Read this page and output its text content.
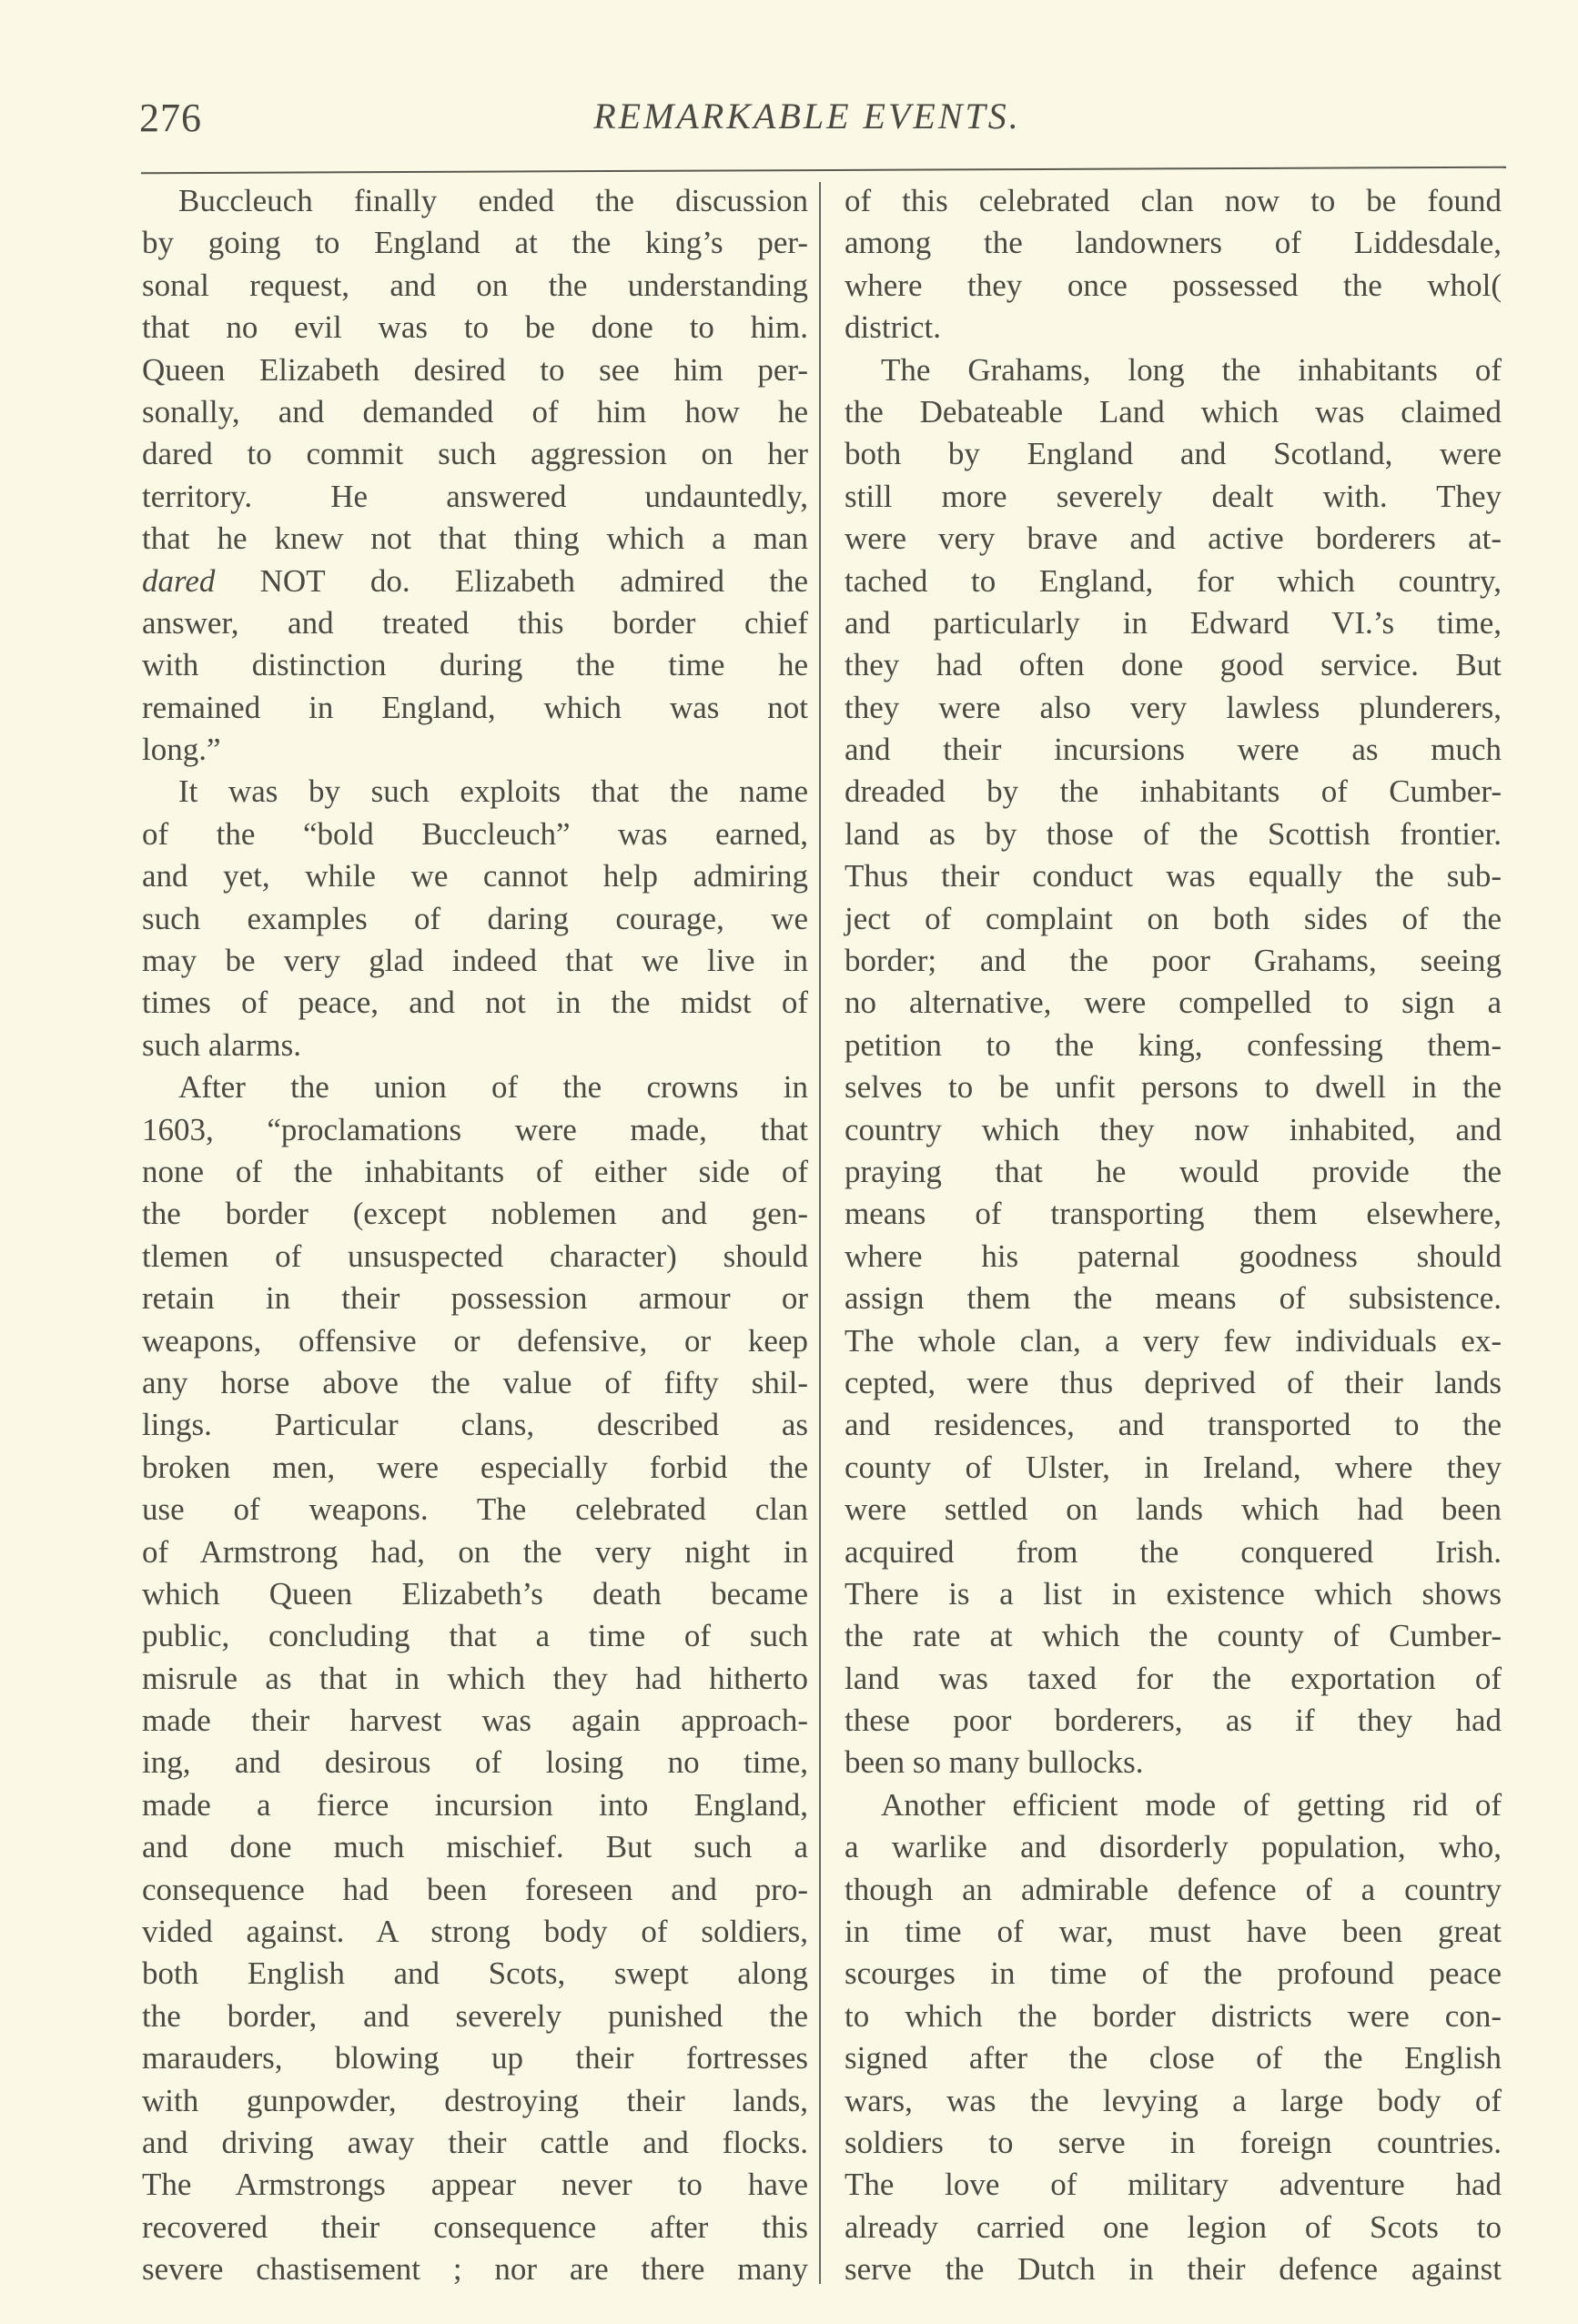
276	REMARKABLE EVENTS.
Buccleuch finally ended the discussion
by going to England at the king’s per-
sonal request, and on the understanding
that no evil was to be done to him.
Queen Elizabeth desired to see him per-
sonally, and demanded of him how he
dared to commit such aggression on her
territory. He answered undauntedly,
that he knew not that thing which a man
dared NOT do. Elizabeth admired the
answer, and treated this border chief
with distinction during the time he
remained in England, which was not
long.”
It was by such exploits that the name
of the “bold Buccleuch” was earned,
and yet, while we cannot help admiring
such examples of daring courage, we
may be very glad indeed that we live in
times of peace, and not in the midst of
such alarms.
After the union of the crowns in
1603, “proclamations were made, that
none of the inhabitants of either side of
the border (except noblemen and gen-
tlemen of unsuspected character) should
retain in their possession armour or
weapons, offensive or defensive, or keep
any horse above the value of fifty shil-
lings. Particular clans, described as
broken men, were especially forbid the
use of weapons. The celebrated clan
of Armstrong had, on the very night in
which Queen Elizabeth’s death became
public, concluding that a time of such
misrule as that in which they had hitherto
made their harvest was again approach-
ing, and desirous of losing no time,
made a fierce incursion into England,
and done much mischief. But such a
consequence had been foreseen and pro-
vided against. A strong body of soldiers,
both English and Scots, swept along
the border, and severely punished the
marauders, blowing up their fortresses
with gunpowder, destroying their lands,
and driving away their cattle and flocks.
The Armstrongs appear never to have
recovered their consequence after this
severe chastisement ; nor are there many
of this celebrated clan now to be found
among the landowners of Liddesdale,
where they once possessed the whol(
district.
The Grahams, long the inhabitants of
the Debateable Land which was claimed
both by England and Scotland, were
still more severely dealt with. They
were very brave and active borderers at-
tached to England, for which country,
and particularly in Edward VI.’s time,
they had often done good service. But
they were also very lawless plunderers,
and their incursions were as much
dreaded by the inhabitants of Cumber-
land as by those of the Scottish frontier.
Thus their conduct was equally the sub-
ject of complaint on both sides of the
border; and the poor Grahams, seeing
no alternative, were compelled to sign a
petition to the king, confessing them-
selves to be unfit persons to dwell in the
country which they now inhabited, and
praying that he would provide the
means of transporting them elsewhere,
where his paternal goodness should
assign them the means of subsistence.
The whole clan, a very few individuals ex-
cepted, were thus deprived of their lands
and residences, and transported to the
county of Ulster, in Ireland, where they
were settled on lands which had been
acquired from the conquered Irish.
There is a list in existence which shows
the rate at which the county of Cumber-
land was taxed for the exportation of
these poor borderers, as if they had
been so many bullocks.
Another efficient mode of getting rid of
a warlike and disorderly population, who,
though an admirable defence of a country
in time of war, must have been great
scourges in time of the profound peace
to which the border districts were con-
signed after the close of the English
wars, was the levying a large body of
soldiers to serve in foreign countries.
The love of military adventure had
already carried one legion of Scots to
serve the Dutch in their defence against
